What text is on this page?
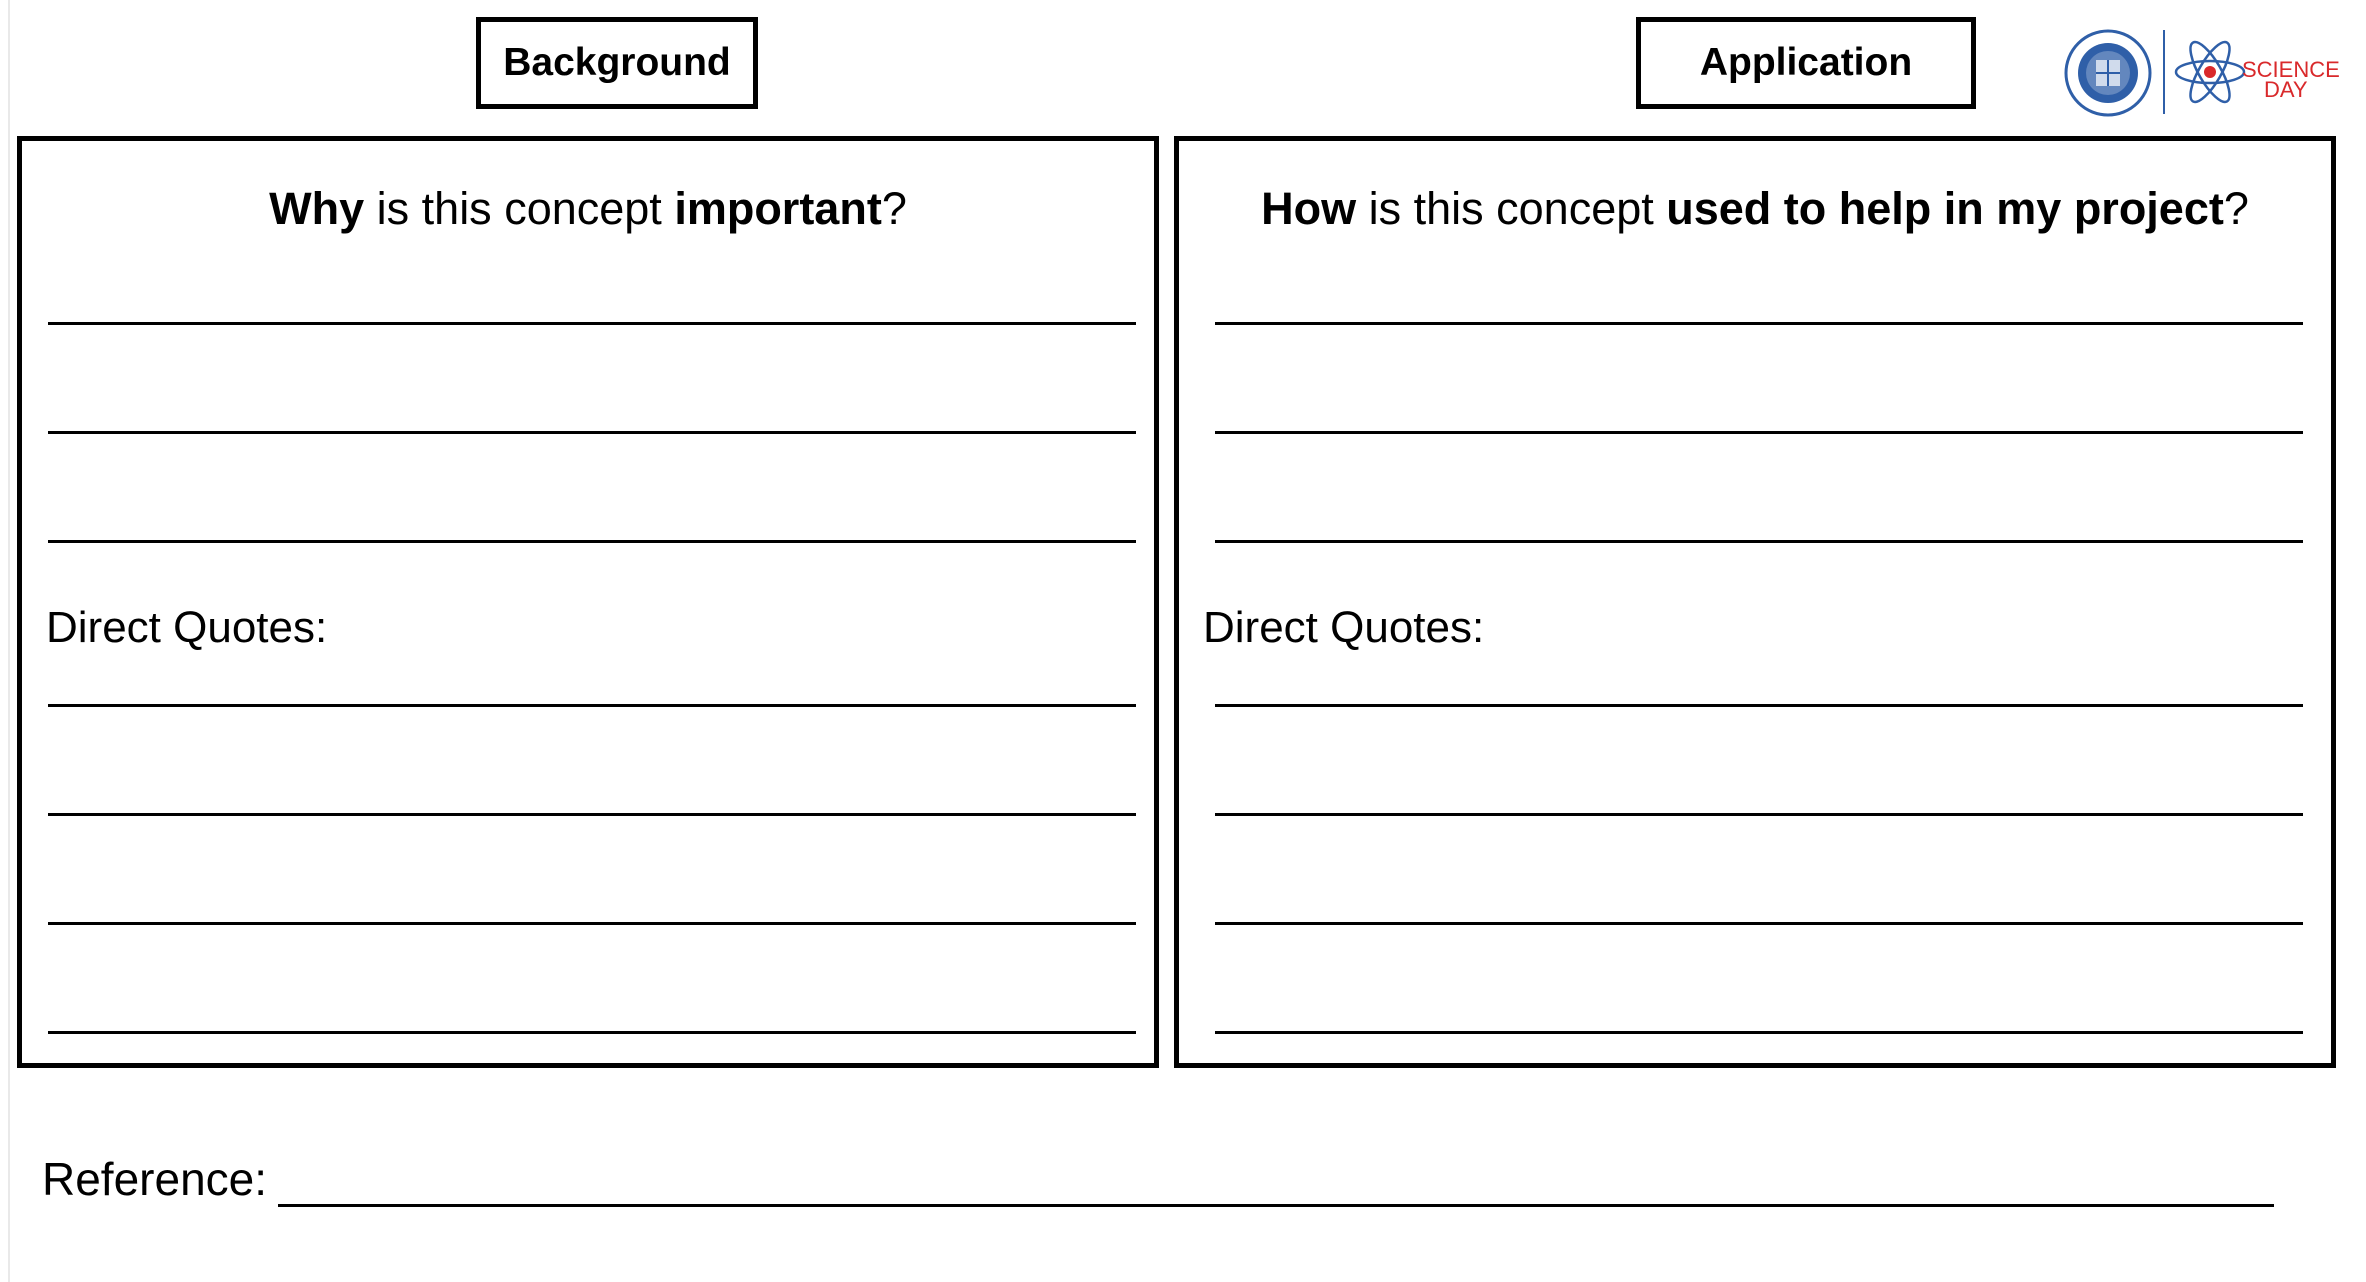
Background	Application	SCIENCE
DAY
Why is this concept important?
Direct Quotes:
How is this concept used to help in my project?
Direct Quotes:
Reference:
